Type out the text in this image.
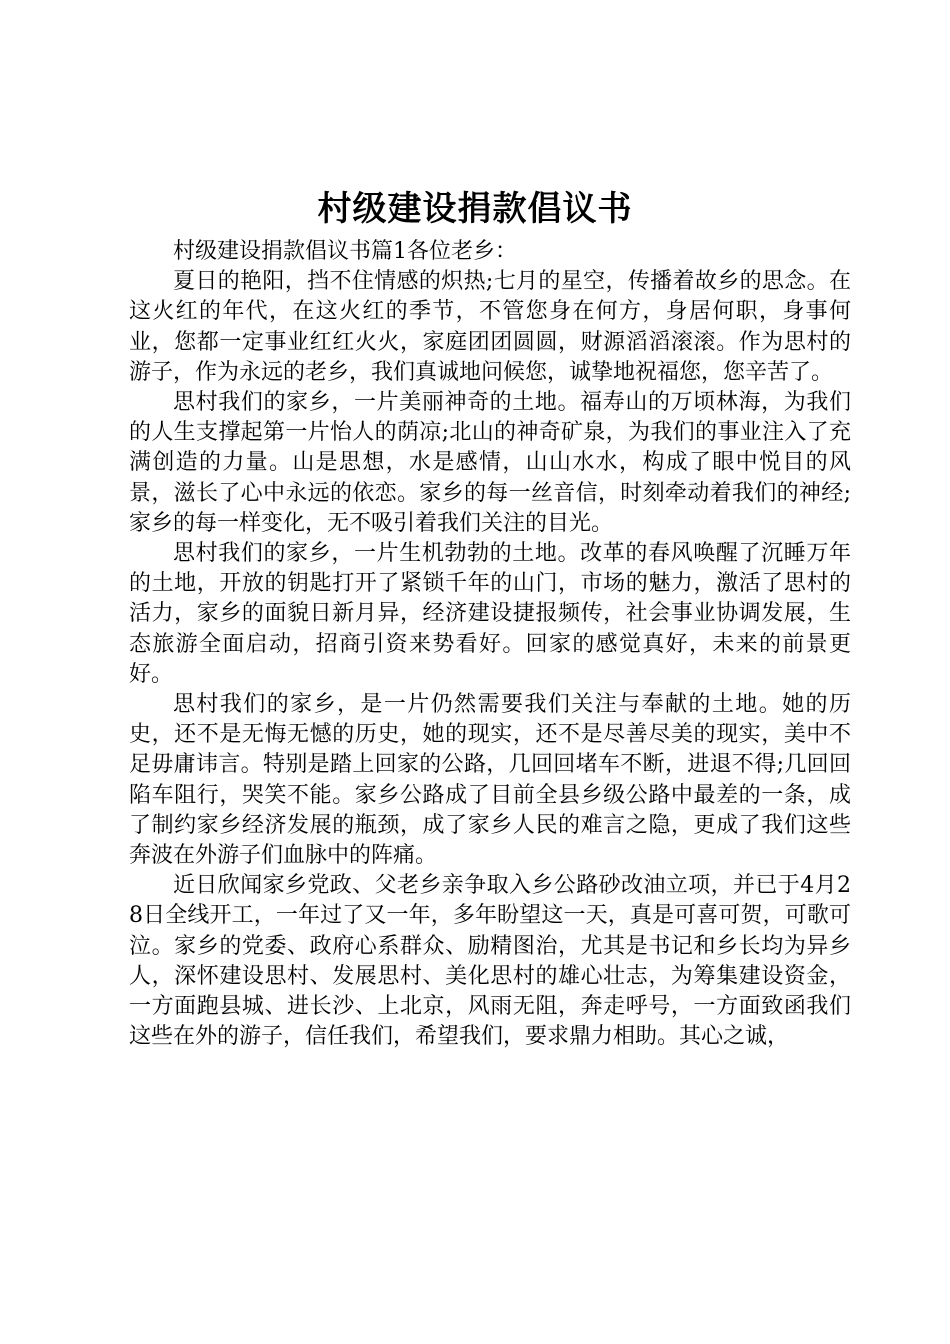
村级建设捐款倡议书

村级建设捐款倡议书篇1各位老乡：

夏日的艳阳，挡不住情感的炽热;七月的星空，传播着故乡的思念。在这火红的年代，在这火红的季节，不管您身在何方，身居何职，身事何业，您都一定事业红红火火，家庭团团圆圆，财源滔滔滚滚。作为思村的游子，作为永远的老乡，我们真诚地问候您，诚挚地祝福您，您辛苦了。

思村我们的家乡，一片美丽神奇的土地。福寿山的万顷林海，为我们的人生支撑起第一片怡人的荫凉;北山的神奇矿泉，为我们的事业注入了充满创造的力量。山是思想，水是感情，山山水水，构成了眼中悦目的风景，滋长了心中永远的依恋。家乡的每一丝音信，时刻牵动着我们的神经;家乡的每一样变化，无不吸引着我们关注的目光。

思村我们的家乡，一片生机勃勃的土地。改革的春风唤醒了沉睡万年的土地，开放的钥匙打开了紧锁千年的山门，市场的魅力，激活了思村的活力，家乡的面貌日新月异，经济建设捷报频传，社会事业协调发展，生态旅游全面启动，招商引资来势看好。回家的感觉真好，未来的前景更好。

思村我们的家乡，是一片仍然需要我们关注与奉献的土地。她的历史，还不是无悔无憾的历史，她的现实，还不是尽善尽美的现实，美中不足毋庸讳言。特别是踏上回家的公路，几回回堵车不断，进退不得;几回回陷车阻行，哭笑不能。家乡公路成了目前全县乡级公路中最差的一条，成了制约家乡经济发展的瓶颈，成了家乡人民的难言之隐，更成了我们这些奔波在外游子们血脉中的阵痛。

近日欣闻家乡党政、父老乡亲争取入乡公路砂改油立项，并已于4月28日全线开工，一年过了又一年，多年盼望这一天，真是可喜可贺，可歌可泣。家乡的党委、政府心系群众、励精图治，尤其是书记和乡长均为异乡人，深怀建设思村、发展思村、美化思村的雄心壮志，为筹集建设资金，一方面跑县城、进长沙、上北京，风雨无阻，奔走呼号，一方面致函我们这些在外的游子，信任我们，希望我们，要求鼎力相助。其心之诚，
